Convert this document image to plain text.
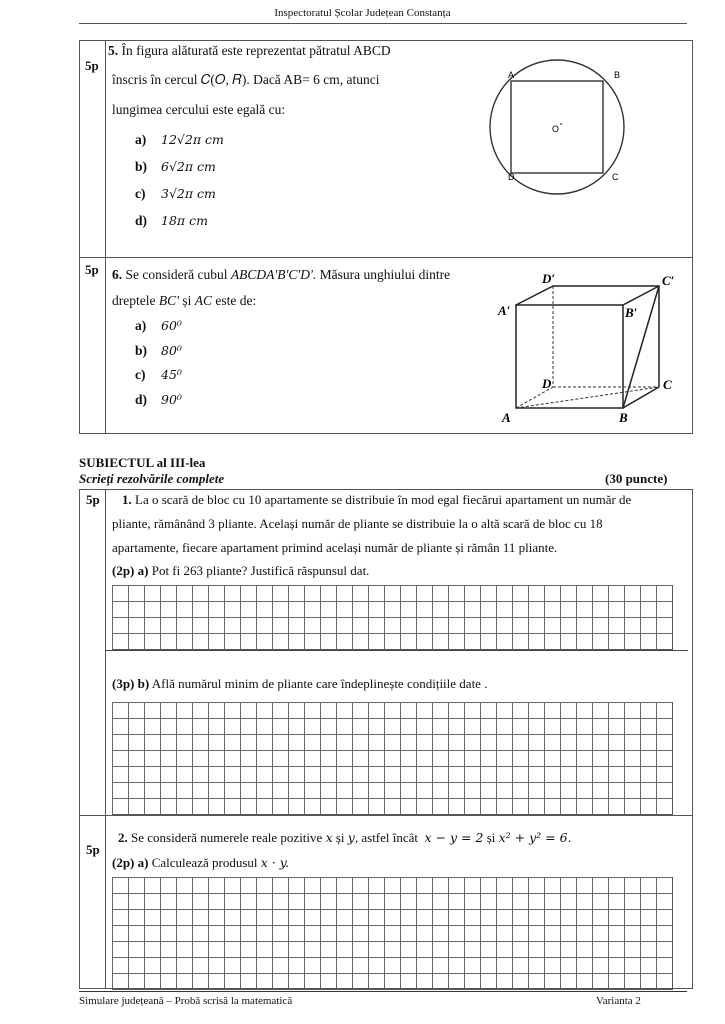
Inspectoratul Școlar Județean Constanța
5p
5. În figura alăturată este reprezentat pătratul ABCD
înscris în cercul 𝐶(𝑂, 𝑅). Dacă AB= 6 cm, atunci
lungimea cercului este egală cu:
a) 12√2π cm
b) 6√2π cm
c) 3√2π cm
d) 18π cm
A	B
D	C
O
5p 6. Se consideră cubul ABCDA'B'C'D'. Măsura unghiului dintre
dreptele BC' și AC este de:
a) 60⁰
b) 80⁰
c) 45⁰
d) 90⁰
D′	C′
A′	B′
D	C
A	B
SUBIECTUL al III-lea
Scrieți rezolvările complete	(30 puncte)
5p 1. La o scară de bloc cu 10 apartamente se distribuie în mod egal fiecărui apartament un număr de
pliante, rămânând 3 pliante. Același număr de pliante se distribuie la o altă scară de bloc cu 18
apartamente, fiecare apartament primind același număr de pliante și rămân 11 pliante.
(2p) a) Pot fi 263 pliante? Justifică răspunsul dat.
(3p) b) Află numărul minim de pliante care îndeplinește condițiile date .
5p
2. Se consideră numerele reale pozitive x și y, astfel încât  x − y = 2 și x² + y² = 6.
(2p) a) Calculează produsul x · y.
Simulare județeană – Probă scrisă la matematică	Varianta 2
